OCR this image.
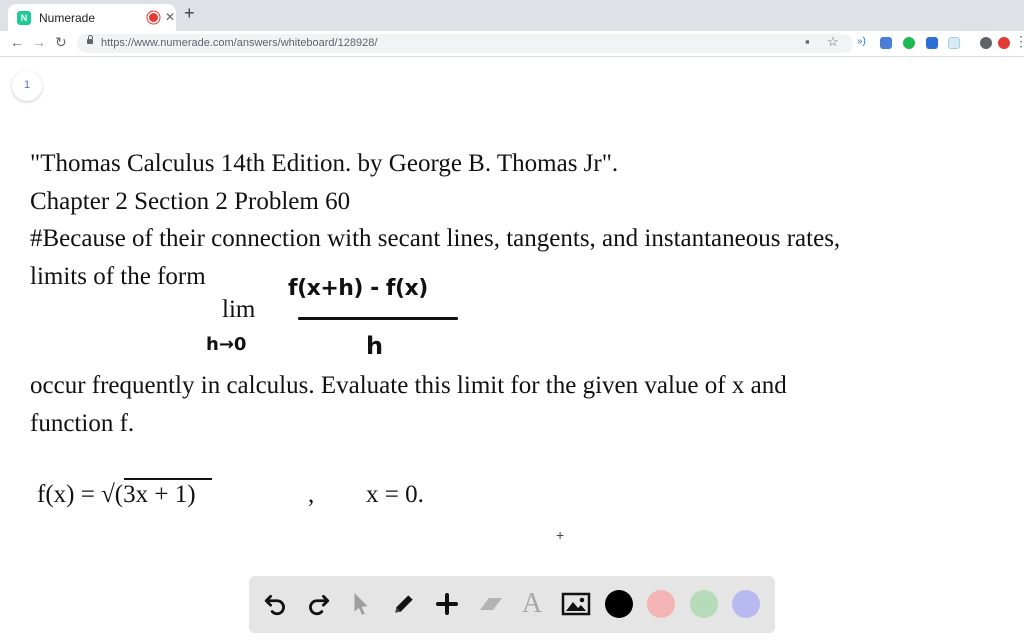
N Numerade	✕ +
← → ↻	https://www.numerade.com/answers/whiteboard/128928/	▪ ☆ »)	⋮
1
"Thomas Calculus 14th Edition. by George B. Thomas Jr".
Chapter 2 Section 2 Problem 60
#Because of their connection with secant lines, tangents, and instantaneous rates,
limits of the form
lim
f(x+h) - f(x)
h
h→0
occur frequently in calculus. Evaluate this limit for the given value of x and
function f.
f(x) = √(3x + 1)	, x = 0.
+
A
